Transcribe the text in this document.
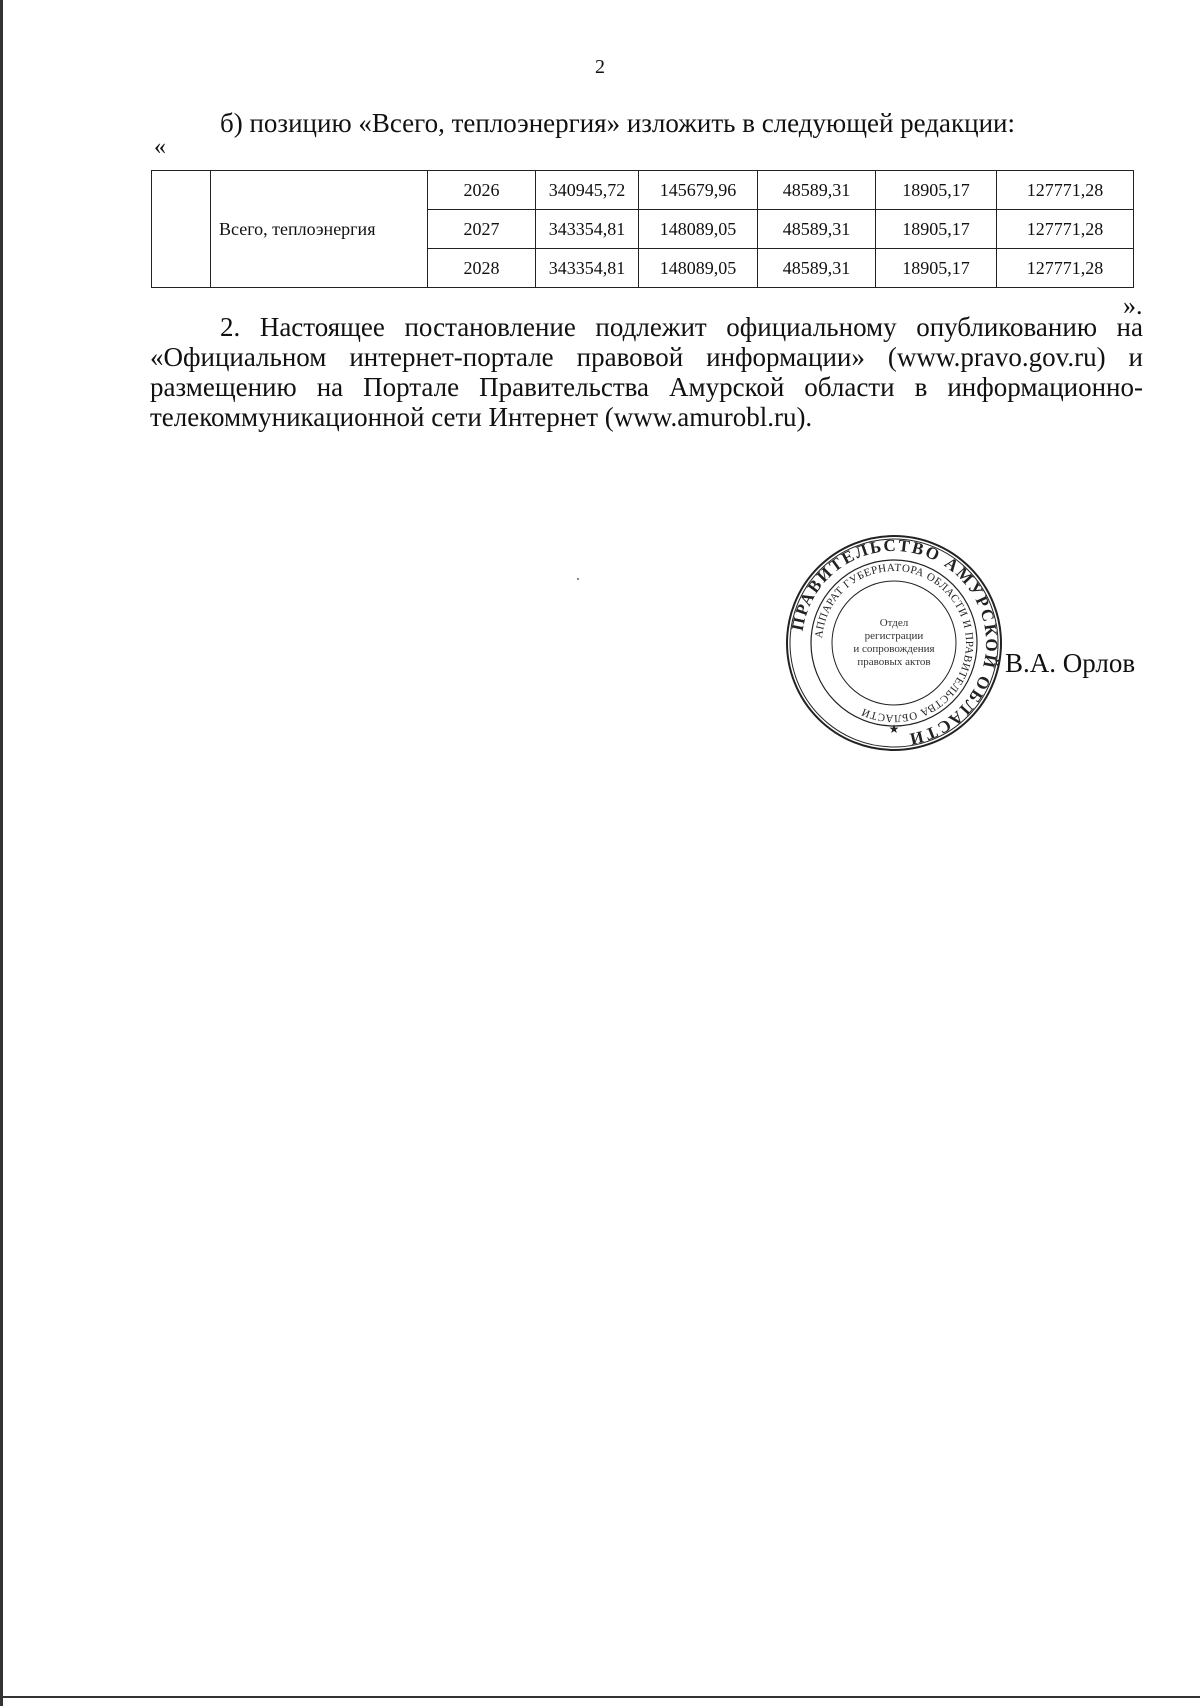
2
б) позицию «Всего, теплоэнергия» изложить в следующей редакции:
«
	Всего, теплоэнергия	2026	340945,72	145679,96	48589,31	18905,17	127771,28
		2027	343354,81	148089,05	48589,31	18905,17	127771,28
		2028	343354,81	148089,05	48589,31	18905,17	127771,28
».
2. Настоящее постановление подлежит официальному опубликованию на «Официальном интернет-портале правовой информации» (www.pravo.gov.ru) и размещению на Портале Правительства Амурской области в информационно-телекоммуникационной сети Интернет (www.amurobl.ru).
ПРАВИТЕЛЬСТВО АМУРСКОЙ ОБЛАСТИ
АППАРАТ ГУБЕРНАТОРА ОБЛАСТИ И ПРАВИТЕЛЬСТВА ОБЛАСТИ
Отдел
регистрации
и сопровождения
правовых актов
★
В.А. Орлов
